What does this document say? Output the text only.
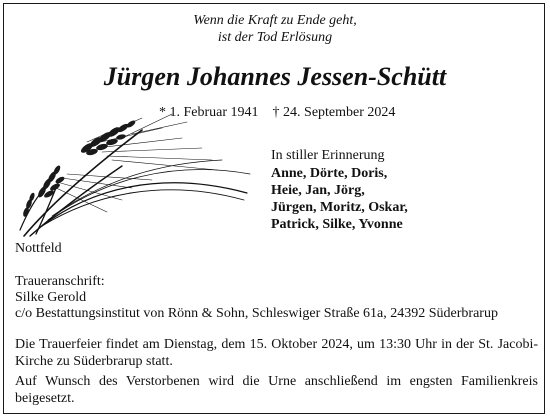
Wenn die Kraft zu Ende geht,
ist der Tod Erlösung
Jürgen Johannes Jessen-Schütt
* 1. Februar 1941 † 24. September 2024
In stiller Erinnerung
Anne, Dörte, Doris,
Heie, Jan, Jörg,
Jürgen, Moritz, Oskar,
Patrick, Silke, Yvonne
Nottfeld
Traueranschrift:
Silke Gerold
c/o Bestattungsinstitut von Rönn & Sohn, Schleswiger Straße 61a, 24392 Süderbrarup
Die Trauerfeier findet am Dienstag, dem 15. Oktober 2024, um 13:30 Uhr in der St. Jacobi-Kirche zu Süderbrarup statt.
Auf Wunsch des Verstorbenen wird die Urne anschließend im engsten Familienkreis beigesetzt.
